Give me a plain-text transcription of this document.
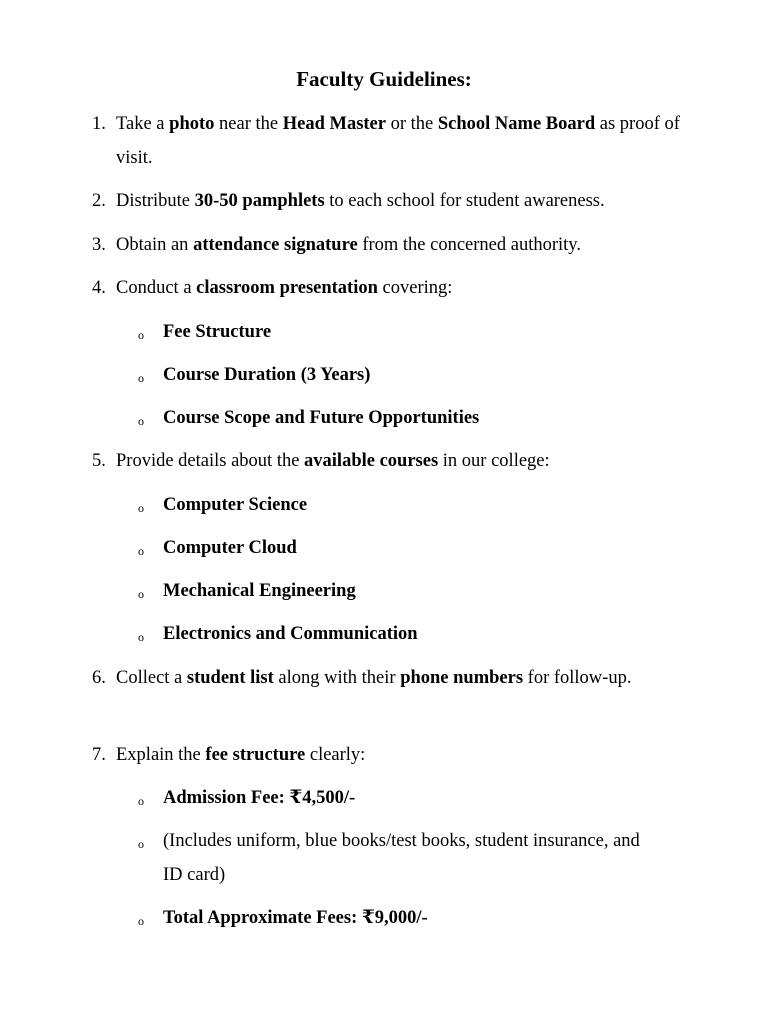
Faculty Guidelines:
1. Take a photo near the Head Master or the School Name Board as proof of visit.
2. Distribute 30-50 pamphlets to each school for student awareness.
3. Obtain an attendance signature from the concerned authority.
4. Conduct a classroom presentation covering:
o Fee Structure
o Course Duration (3 Years)
o Course Scope and Future Opportunities
5. Provide details about the available courses in our college:
o Computer Science
o Computer Cloud
o Mechanical Engineering
o Electronics and Communication
6. Collect a student list along with their phone numbers for follow-up.
7. Explain the fee structure clearly:
o Admission Fee: ₹4,500/-
o (Includes uniform, blue books/test books, student insurance, and ID card)
o Total Approximate Fees: ₹9,000/-
